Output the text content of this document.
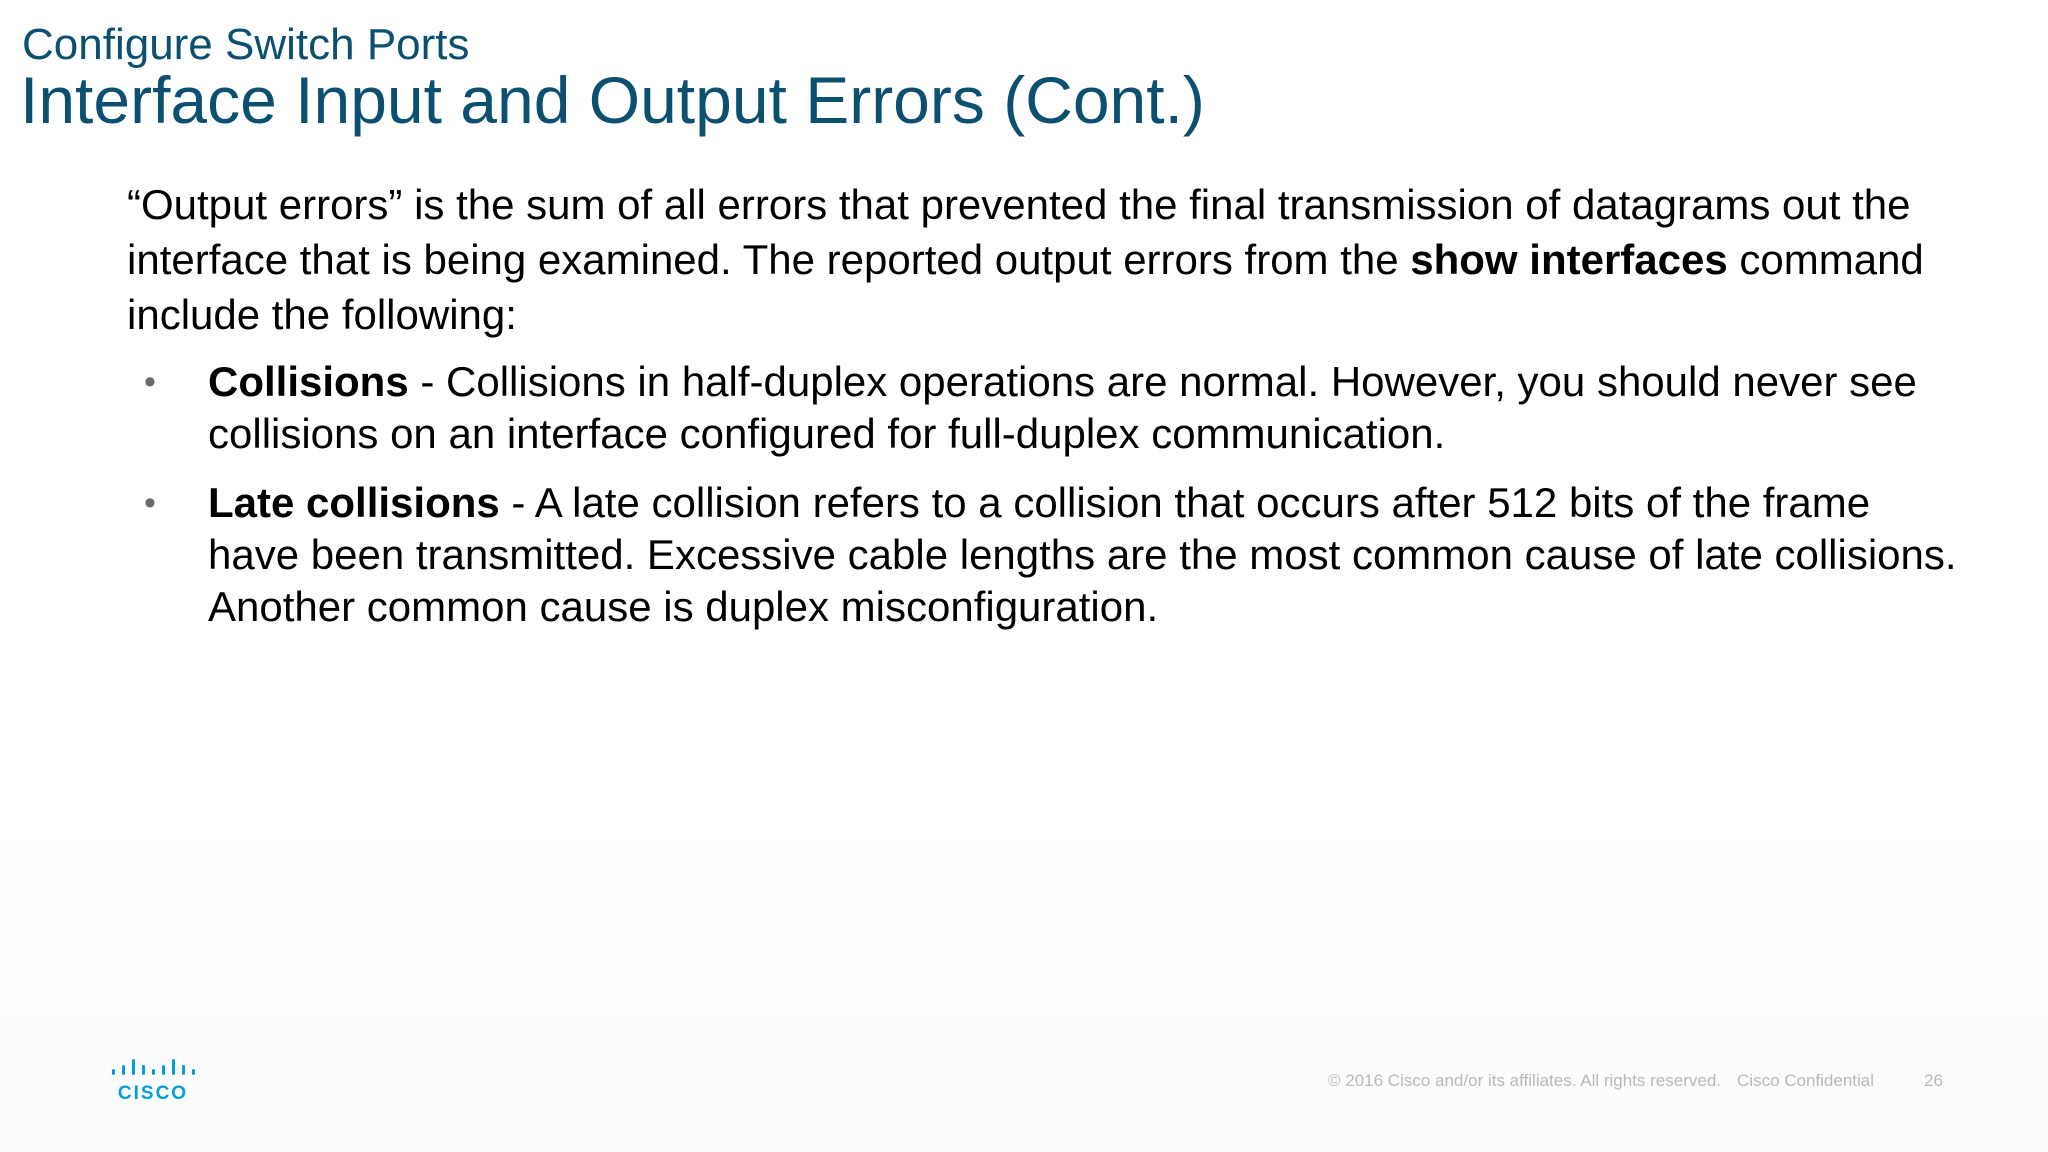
Configure Switch Ports
Interface Input and Output Errors (Cont.)

“Output errors” is the sum of all errors that prevented the final transmission of datagrams out the interface that is being examined. The reported output errors from the show interfaces command include the following:

• Collisions - Collisions in half-duplex operations are normal. However, you should never see collisions on an interface configured for full-duplex communication.
• Late collisions - A late collision refers to a collision that occurs after 512 bits of the frame have been transmitted. Excessive cable lengths are the most common cause of late collisions. Another common cause is duplex misconfiguration.
CISCO
© 2016 Cisco and/or its affiliates. All rights reserved. Cisco Confidential	26
